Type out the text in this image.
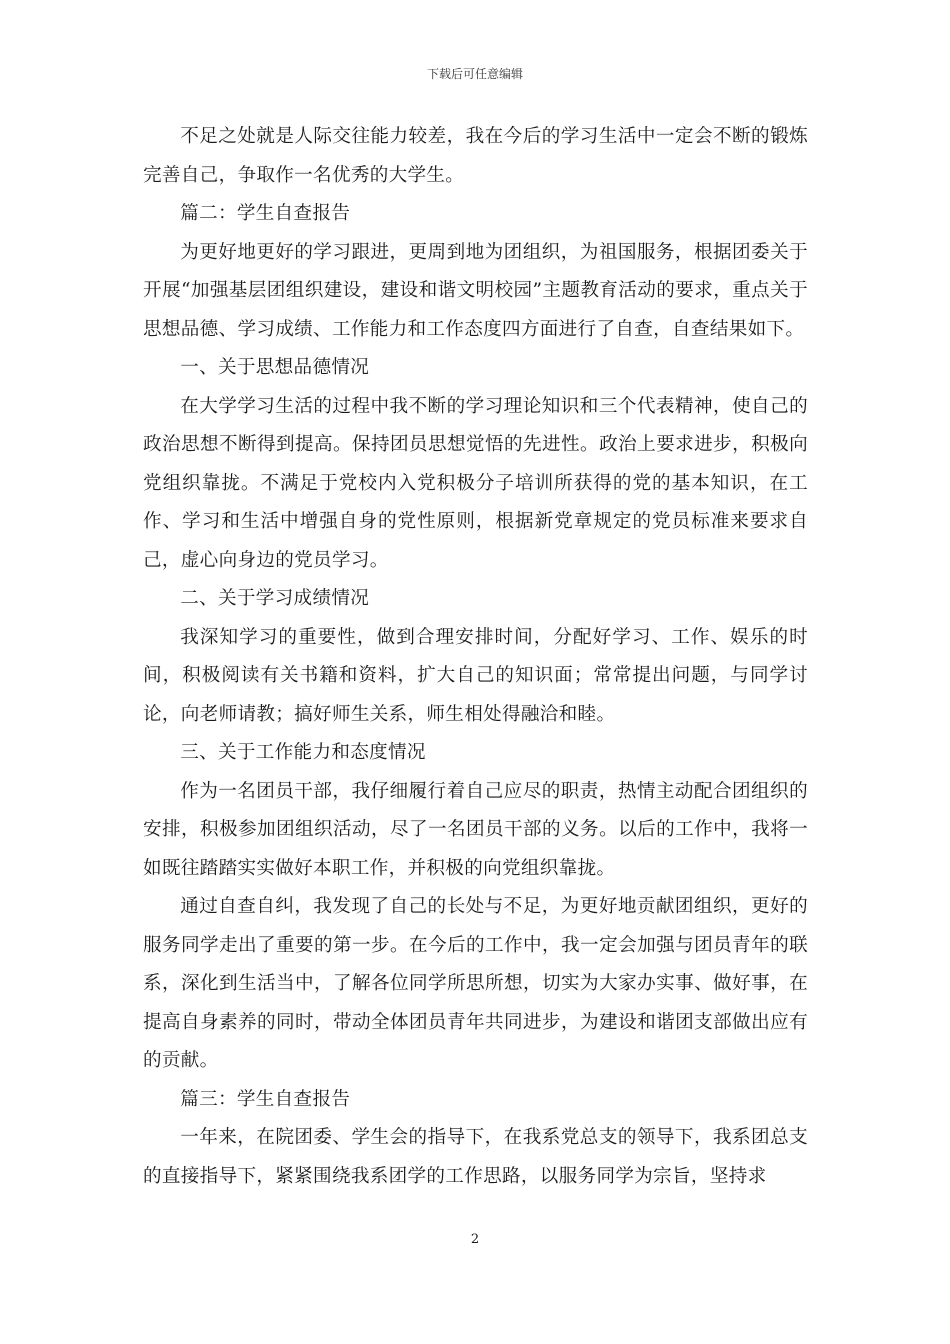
下载后可任意编辑

不足之处就是人际交往能力较差，我在今后的学习生活中一定会不断的锻炼完善自己，争取作一名优秀的大学生。

篇二：学生自查报告

为更好地更好的学习跟进，更周到地为团组织，为祖国服务，根据团委关于开展“加强基层团组织建设，建设和谐文明校园”主题教育活动的要求，重点关于思想品德、学习成绩、工作能力和工作态度四方面进行了自查，自查结果如下。

一、关于思想品德情况

在大学学习生活的过程中我不断的学习理论知识和三个代表精神，使自己的政治思想不断得到提高。保持团员思想觉悟的先进性。政治上要求进步，积极向党组织靠拢。不满足于党校内入党积极分子培训所获得的党的基本知识，在工作、学习和生活中增强自身的党性原则，根据新党章规定的党员标准来要求自己，虚心向身边的党员学习。

二、关于学习成绩情况

我深知学习的重要性，做到合理安排时间，分配好学习、工作、娱乐的时间，积极阅读有关书籍和资料，扩大自己的知识面；常常提出问题，与同学讨论，向老师请教；搞好师生关系，师生相处得融洽和睦。

三、关于工作能力和态度情况

作为一名团员干部，我仔细履行着自己应尽的职责，热情主动配合团组织的安排，积极参加团组织活动，尽了一名团员干部的义务。以后的工作中，我将一如既往踏踏实实做好本职工作，并积极的向党组织靠拢。

通过自查自纠，我发现了自己的长处与不足，为更好地贡献团组织，更好的服务同学走出了重要的第一步。在今后的工作中，我一定会加强与团员青年的联系，深化到生活当中，了解各位同学所思所想，切实为大家办实事、做好事，在提高自身素养的同时，带动全体团员青年共同进步，为建设和谐团支部做出应有的贡献。

篇三：学生自查报告

一年来，在院团委、学生会的指导下，在我系党总支的领导下，我系团总支的直接指导下，紧紧围绕我系团学的工作思路，以服务同学为宗旨，坚持求

2
